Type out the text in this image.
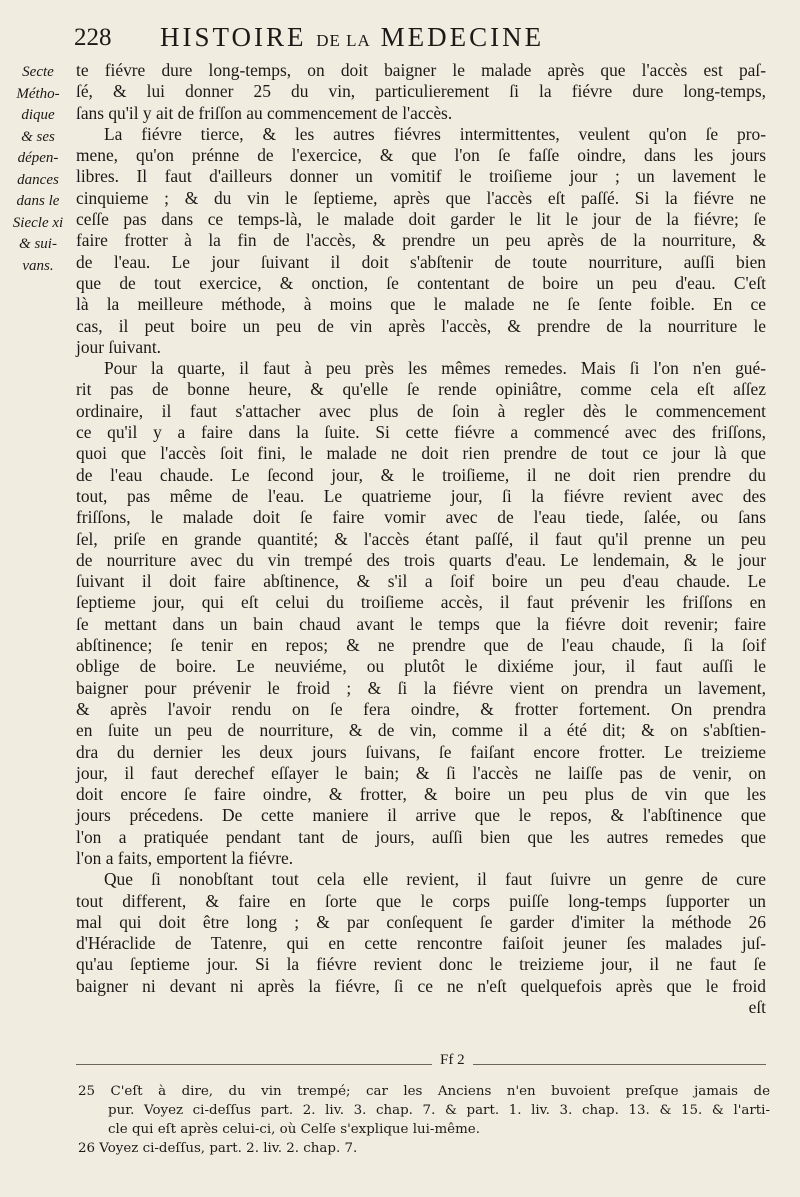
228 HISTOIRE DE LA MEDECINE
Secte
Métho-
dique
& ses
dépen-
dances
dans le
Siecle xi
& sui-
vans.

te fiévre dure long-temps, on doit baigner le malade après que l'accès est paſ-
ſé, & lui donner 25 du vin, particulierement ſi la fiévre dure long-temps,
ſans qu'il y ait de friſſon au commencement de l'accès.

La fiévre tierce, & les autres fiévres intermittentes, veulent qu'on ſe pro-
mene, qu'on prénne de l'exercice, & que l'on ſe faſſe oindre, dans les jours
libres. Il faut d'ailleurs donner un vomitif le troiſieme jour ; un lavement le
cinquieme ; & du vin le ſeptieme, après que l'accès eſt paſſé. Si la fiévre ne
ceſſe pas dans ce temps-là, le malade doit garder le lit le jour de la fiévre; ſe
faire frotter à la fin de l'accès, & prendre un peu après de la nourriture, &
de l'eau. Le jour ſuivant il doit s'abſtenir de toute nourriture, auſſi bien
que de tout exercice, & onction, ſe contentant de boire un peu d'eau. C'eſt
là la meilleure méthode, à moins que le malade ne ſe ſente foible. En ce
cas, il peut boire un peu de vin après l'accès, & prendre de la nourriture le
jour ſuivant.

Pour la quarte, il faut à peu près les mêmes remedes. Mais ſi l'on n'en gué-
rit pas de bonne heure, & qu'elle ſe rende opiniâtre, comme cela eſt aſſez
ordinaire, il faut s'attacher avec plus de ſoin à regler dès le commencement
ce qu'il y a faire dans la ſuite. Si cette fiévre a commencé avec des friſſons,
quoi que l'accès ſoit fini, le malade ne doit rien prendre de tout ce jour là que
de l'eau chaude. Le ſecond jour, & le troiſieme, il ne doit rien prendre du
tout, pas même de l'eau. Le quatrieme jour, ſi la fiévre revient avec des
friſſons, le malade doit ſe faire vomir avec de l'eau tiede, ſalée, ou ſans
ſel, priſe en grande quantité; & l'accès étant paſſé, il faut qu'il prenne un peu
de nourriture avec du vin trempé des trois quarts d'eau. Le lendemain, & le jour
ſuivant il doit faire abſtinence, & s'il a ſoif boire un peu d'eau chaude. Le
ſeptieme jour, qui eſt celui du troiſieme accès, il faut prévenir les friſſons en
ſe mettant dans un bain chaud avant le temps que la fiévre doit revenir; faire
abſtinence; ſe tenir en repos; & ne prendre que de l'eau chaude, ſi la ſoif
oblige de boire. Le neuviéme, ou plutôt le dixiéme jour, il faut auſſi le
baigner pour prévenir le froid ; & ſi la fiévre vient on prendra un lavement,
& après l'avoir rendu on ſe fera oindre, & frotter fortement. On prendra
en ſuite un peu de nourriture, & de vin, comme il a été dit; & on s'abſtien-
dra du dernier les deux jours ſuivans, ſe faiſant encore frotter. Le treizieme
jour, il faut derechef eſſayer le bain; & ſi l'accès ne laiſſe pas de venir, on
doit encore ſe faire oindre, & frotter, & boire un peu plus de vin que les
jours précedens. De cette maniere il arrive que le repos, & l'abſtinence que
l'on a pratiquée pendant tant de jours, auſſi bien que les autres remedes que
l'on a faits, emportent la fiévre.

Que ſi nonobſtant tout cela elle revient, il faut ſuivre un genre de cure
tout different, & faire en ſorte que le corps puiſſe long-temps ſupporter un
mal qui doit être long ; & par conſequent ſe garder d'imiter la méthode 26
d'Héraclide de Tatenre, qui en cette rencontre faiſoit jeuner ſes malades juſ-
qu'au ſeptieme jour. Si la fiévre revient donc le treizieme jour, il ne faut ſe
baigner ni devant ni après la fiévre, ſi ce ne n'eſt quelquefois après que le froid
eſt

Ff 2

25 C'eſt à dire, du vin trempé; car les Anciens n'en buvoient preſque jamais de
pur. Voyez ci-deſſus part. 2. liv. 3. chap. 7. & part. 1. liv. 3. chap. 13. & 15. & l'arti-
cle qui eſt après celui-ci, où Celſe s'explique lui-même.

26 Voyez ci-deſſus, part. 2. liv. 2. chap. 7.
